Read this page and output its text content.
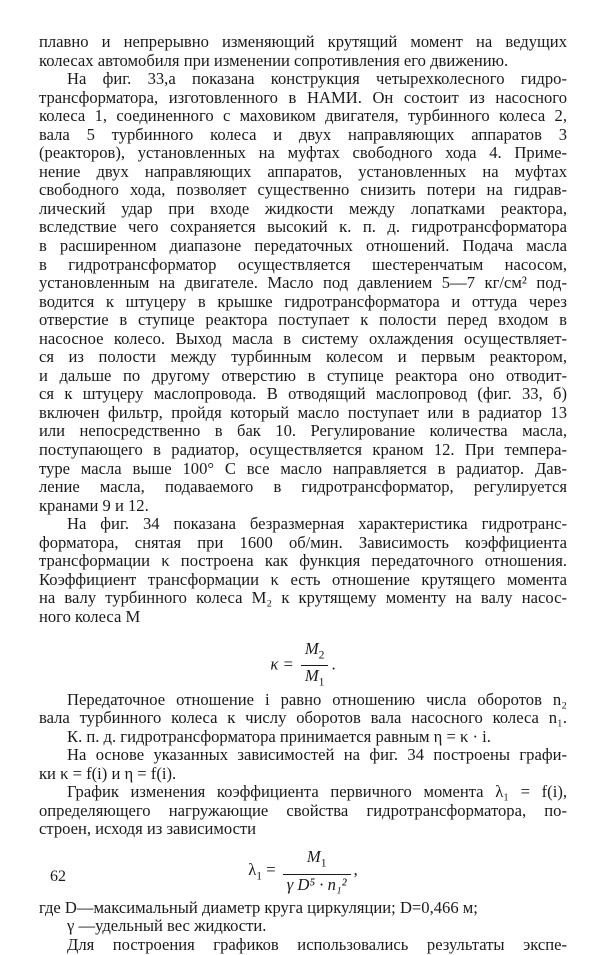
плавно и непрерывно изменяющий крутящий момент на ведущих
колесах автомобиля при изменении сопротивления его движению.
На фиг. 33,а показана конструкция четырехколесного гидро-
трансформатора, изготовленного в НАМИ. Он состоит из насосного
колеса 1, соединенного с маховиком двигателя, турбинного колеса 2,
вала 5 турбинного колеса и двух направляющих аппаратов 3
(реакторов), установленных на муфтах свободного хода 4. Приме-
нение двух направляющих аппаратов, установленных на муфтах
свободного хода, позволяет существенно снизить потери на гидрав-
лический удар при входе жидкости между лопатками реактора,
вследствие чего сохраняется высокий к. п. д. гидротрансформатора
в расширенном диапазоне передаточных отношений. Подача масла
в гидротрансформатор осуществляется шестеренчатым насосом,
установленным на двигателе. Масло под давлением 5—7 кг/см² под-
водится к штуцеру в крышке гидротрансформатора и оттуда через
отверстие в ступице реактора поступает к полости перед входом в
насосное колесо. Выход масла в систему охлаждения осуществляет-
ся из полости между турбинным колесом и первым реактором,
и дальше по другому отверстию в ступице реактора оно отводит-
ся к штуцеру маслопровода. В отводящий маслопровод (фиг. 33, б)
включен фильтр, пройдя который масло поступает или в радиатор 13
или непосредственно в бак 10. Регулирование количества масла,
поступающего в радиатор, осуществляется краном 12. При темпера-
туре масла выше 100° С все масло направляется в радиатор. Дав-
ление масла, подаваемого в гидротрансформатор, регулируется
кранами 9 и 12.
На фиг. 34 показана безразмерная характеристика гидротранс-
форматора, снятая при 1600 об/мин. Зависимость коэффициента
трансформации κ построена как функция передаточного отношения.
Коэффициент трансформации κ есть отношение крутящего момента
на валу турбинного колеса M₂ к крутящему моменту на валу насос-
ного колеса M
$\kappa = \frac{M_2}{M_1}$ .
Передаточное отношение i равно отношению числа оборотов n₂
вала турбинного колеса к числу оборотов вала насосного колеса n₁.
К. п. д. гидротрансформатора принимается равным η = κ · i.
На основе указанных зависимостей на фиг. 34 построены графи-
ки κ = f(i) и η = f(i).
График изменения коэффициента первичного момента λ₁ = f(i),
определяющего нагружающие свойства гидротрансформатора, по-
строен, исходя из зависимости
$\lambda_1 = \frac{M_1}{\text{γ D⁵ · n₁²}}$ ,
где D—максимальный диаметр круга циркуляции; D=0,466 м;
γ —удельный вес жидкости.
Для построения графиков использовались результаты экспе-
62
